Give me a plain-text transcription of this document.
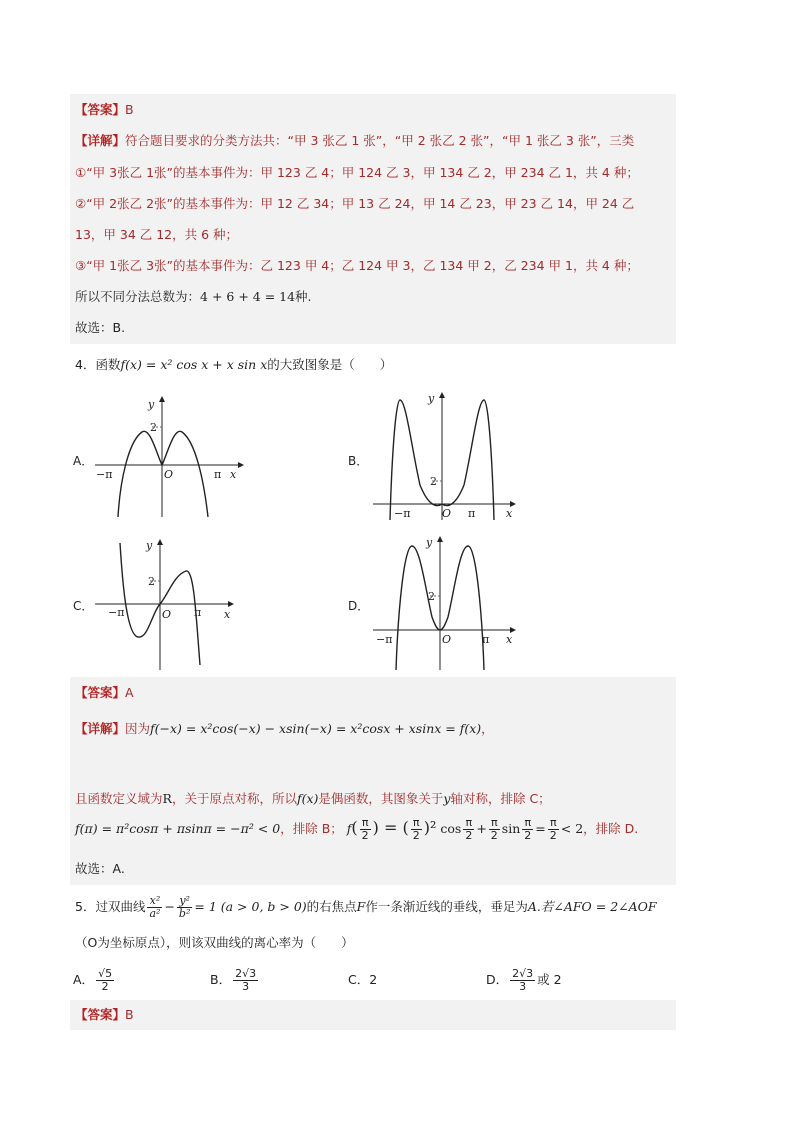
【答案】B
【详解】符合题目要求的分类方法共：“甲 3 张乙 1 张”，“甲 2 张乙 2 张”，“甲 1 张乙 3 张”，三类
①“甲 3张乙 1张”的基本事件为：甲 123 乙 4；甲 124 乙 3，甲 134 乙 2，甲 234 乙 1，共 4 种；
②“甲 2张乙 2张”的基本事件为：甲 12 乙 34；甲 13 乙 24，甲 14 乙 23，甲 23 乙 14，甲 24 乙
13，甲 34 乙 12，共 6 种；
③“甲 1张乙 3张”的基本事件为：乙 123 甲 4；乙 124 甲 3，乙 134 甲 2，乙 234 甲 1，共 4 种；
所以不同分法总数为：4 + 6 + 4 = 14种.
故选：B.
4．函数f(x) = x² cos x + x sin x的大致图象是（　　）
A．
−π	π
2
O	x
y
B．
−π	π
2
O	x
y
C． −π	π
2
O	x
y
D．
−π	π
2
O	x
y
【答案】A
【详解】因为f(−x) = x²cos(−x) − xsin(−x) = x²cosx + xsinx = f(x)，
且函数定义域为R，关于原点对称，所以f(x)是偶函数，其图象关于y轴对称，排除 C；
f(π) = π²cosπ + πsinπ = −π² < 0，排除 B； $f( \frac{\pi}{2}$ ) = ( $\frac{\pi}{2} )^2$ $\cos \frac{\pi}{2} + \frac{\pi}{2}$ $\sin \frac{\pi}{2} = \frac{\pi}{2} < 2$，排除 D.
故选：A.
5．过双曲线 $\frac{\text{x²}}{\text{a²}} - \frac{\text{y²}}{\text{b²}} = 1$ (a > 0, b > 0)的右焦点F作一条渐近线的垂线，垂足为A.若∠AFO = 2∠AOF
（O为坐标原点），则该双曲线的离心率为（　　）
A． $\frac{√5}{2}$	B． $\frac{2√3}{3}$	C．2	D． $\frac{2√3}{3}$ 或 2
【答案】B
